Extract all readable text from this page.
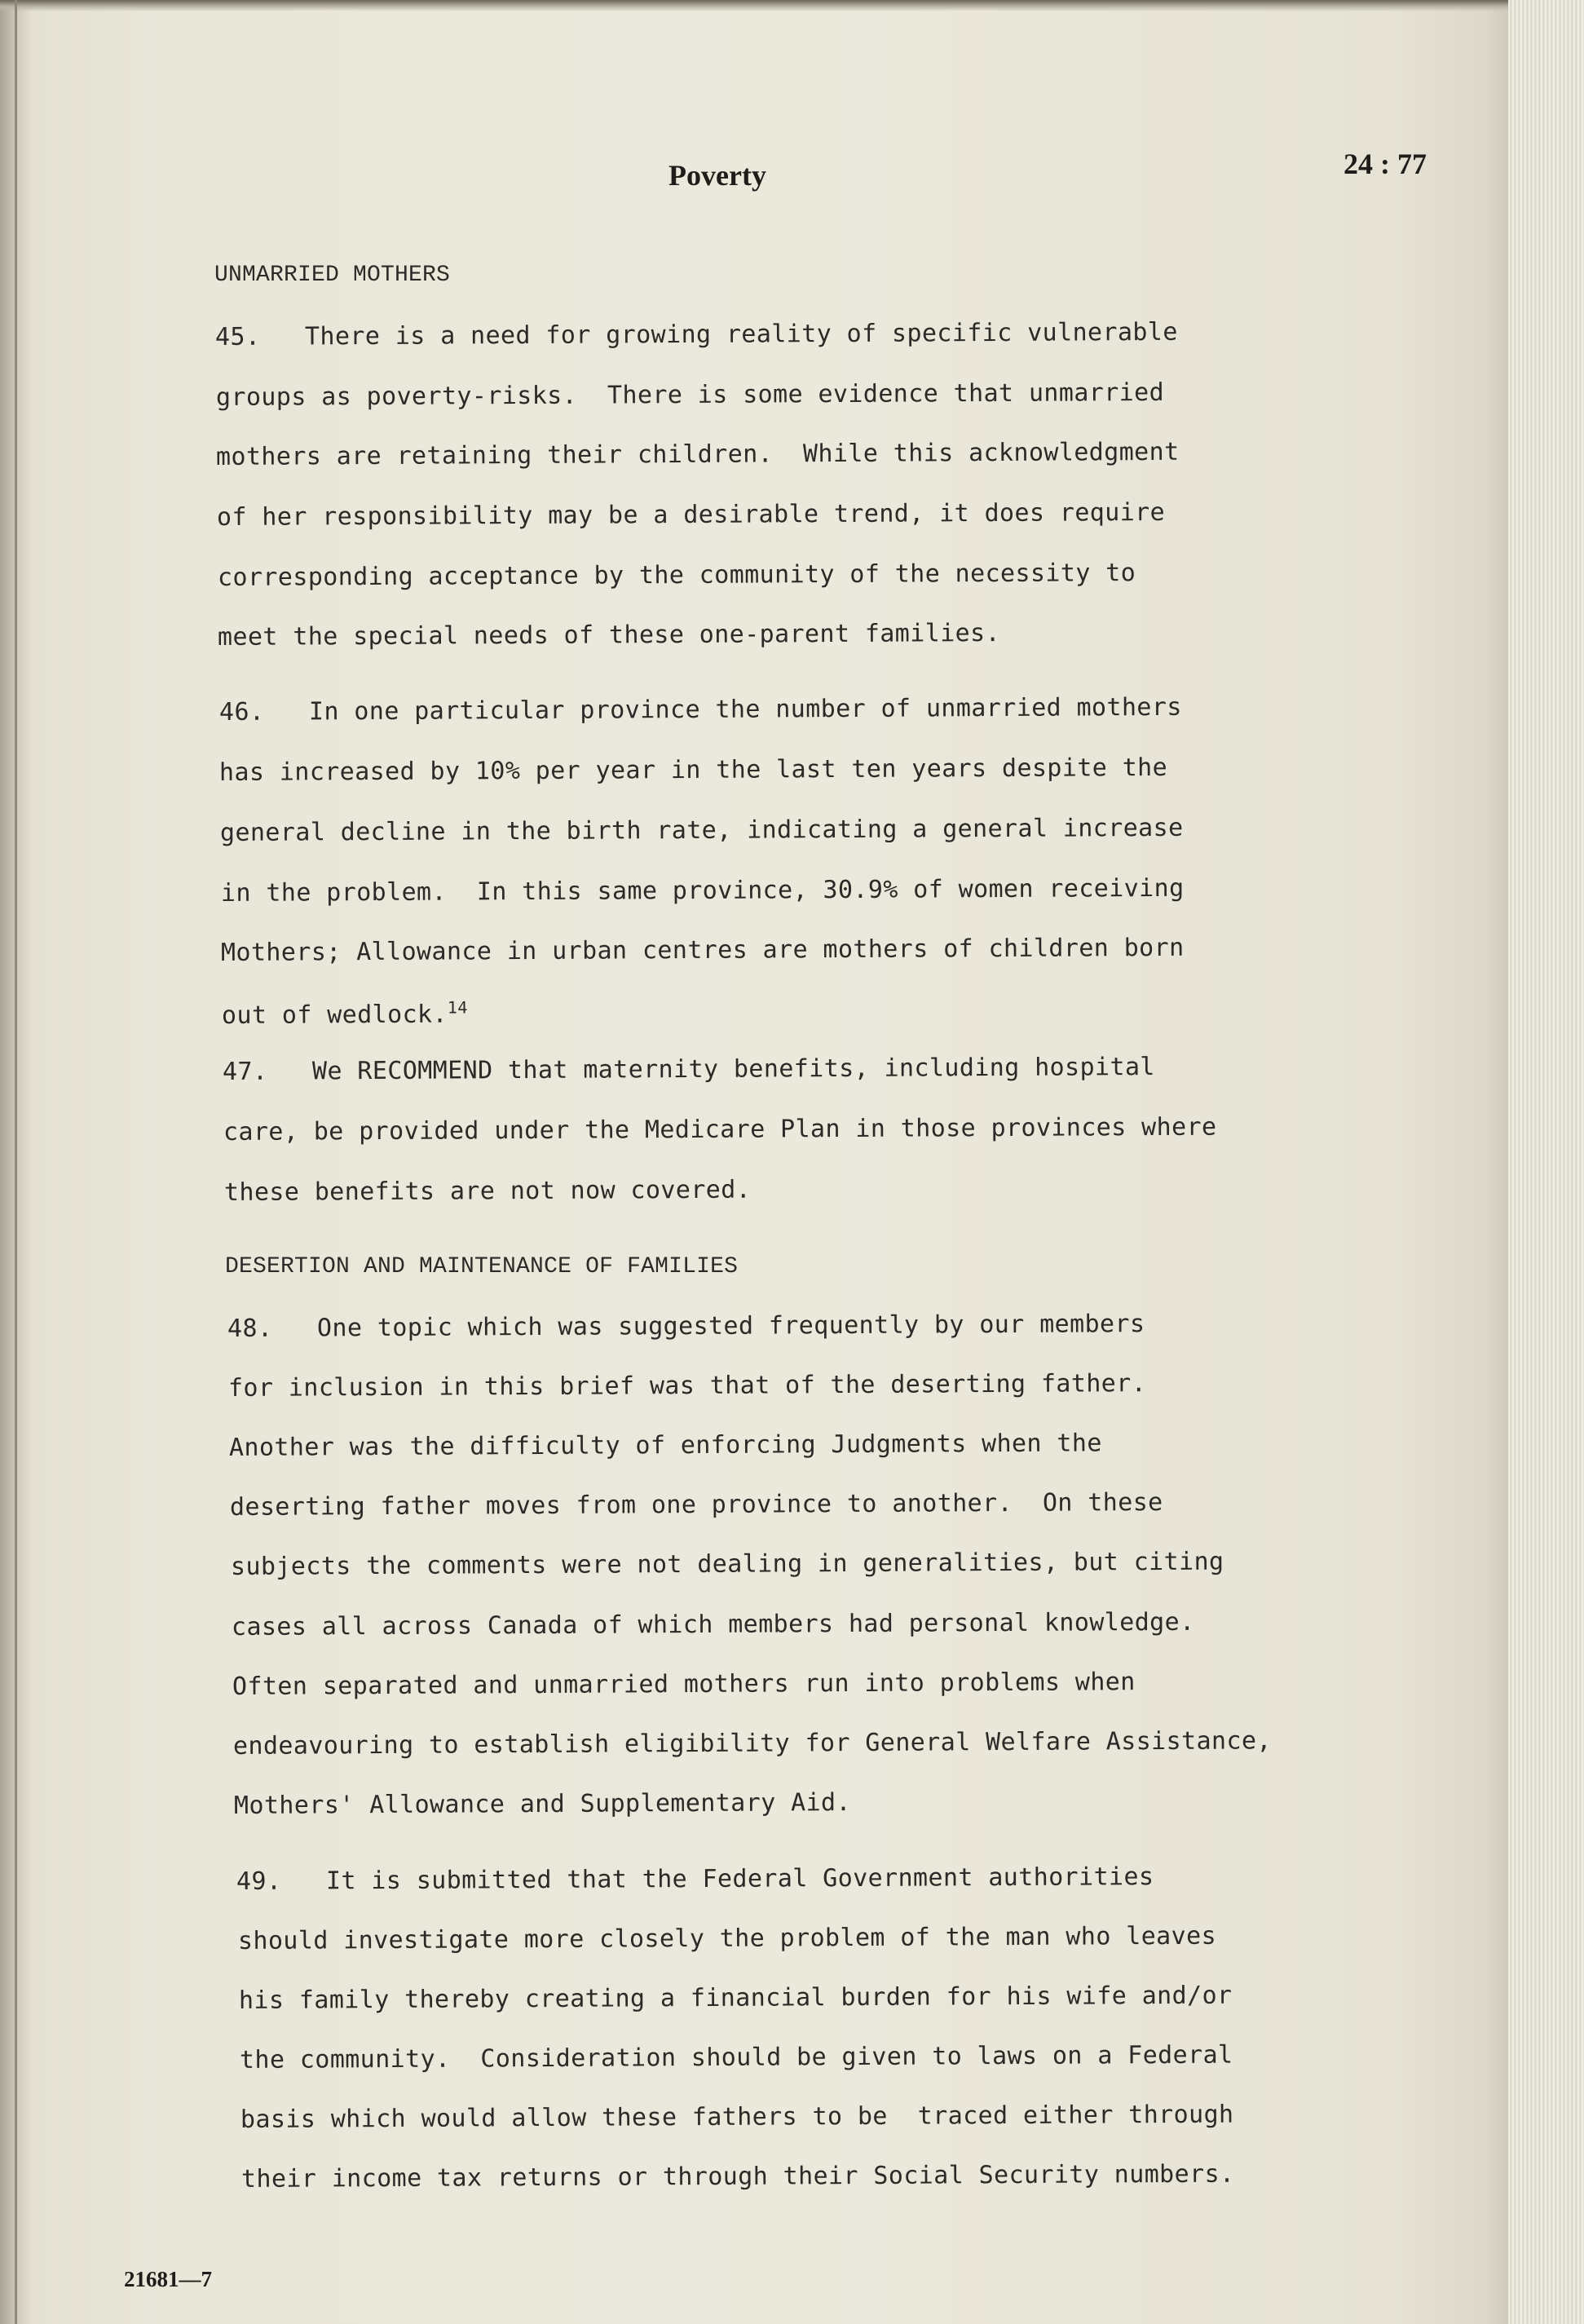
Poverty	24 : 77
UNMARRIED MOTHERS
45. There is a need for growing reality of specific vulnerable
groups as poverty-risks.  There is some evidence that unmarried
mothers are retaining their children.  While this acknowledgment
of her responsibility may be a desirable trend, it does require
corresponding acceptance by the community of the necessity to
meet the special needs of these one-parent families.
46. In one particular province the number of unmarried mothers
has increased by 10% per year in the last ten years despite the
general decline in the birth rate, indicating a general increase
in the problem.  In this same province, 30.9% of women receiving
Mothers; Allowance in urban centres are mothers of children born
out of wedlock.$^{14}$
47. We RECOMMEND that maternity benefits, including hospital
care, be provided under the Medicare Plan in those provinces where
these benefits are not now covered.
DESERTION AND MAINTENANCE OF FAMILIES
48. One topic which was suggested frequently by our members
for inclusion in this brief was that of the deserting father.
Another was the difficulty of enforcing Judgments when the
deserting father moves from one province to another.  On these
subjects the comments were not dealing in generalities, but citing
cases all across Canada of which members had personal knowledge.
Often separated and unmarried mothers run into problems when
endeavouring to establish eligibility for General Welfare Assistance,
Mothers' Allowance and Supplementary Aid.
49. It is submitted that the Federal Government authorities
should investigate more closely the problem of the man who leaves
his family thereby creating a financial burden for his wife and/or
the community.  Consideration should be given to laws on a Federal
basis which would allow these fathers to be  traced either through
their income tax returns or through their Social Security numbers.
21681—7
